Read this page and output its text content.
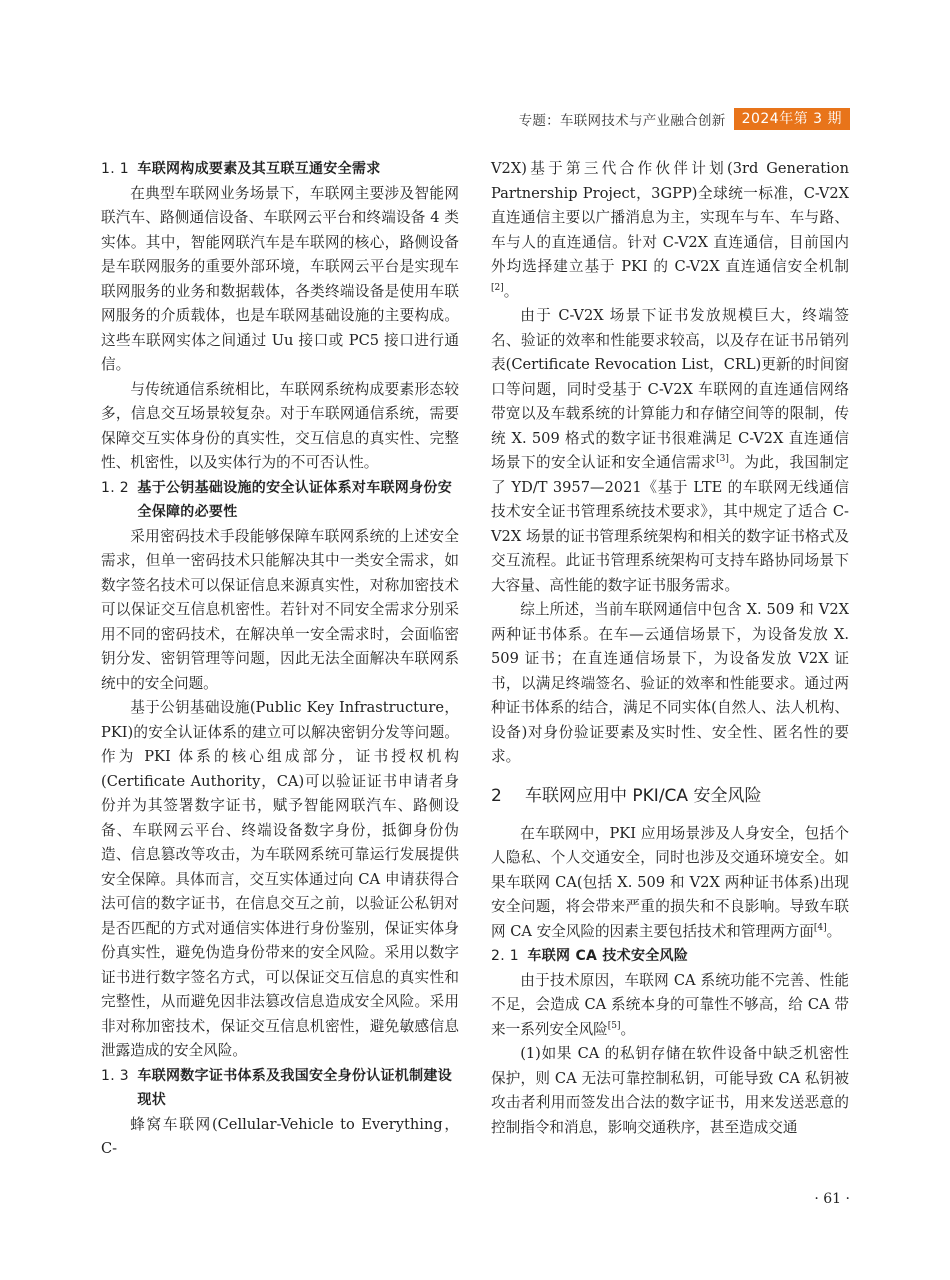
专题：车联网技术与产业融合创新	2024年第 3 期
1. 1 车联网构成要素及其互联互通安全需求

在典型车联网业务场景下，车联网主要涉及智能网联汽车、路侧通信设备、车联网云平台和终端设备 4 类实体。其中，智能网联汽车是车联网的核心，路侧设备是车联网服务的重要外部环境，车联网云平台是实现车联网服务的业务和数据载体，各类终端设备是使用车联网服务的介质载体，也是车联网基础设施的主要构成。这些车联网实体之间通过 Uu 接口或 PC5 接口进行通信。

与传统通信系统相比，车联网系统构成要素形态较多，信息交互场景较复杂。对于车联网通信系统，需要保障交互实体身份的真实性，交互信息的真实性、完整性、机密性，以及实体行为的不可否认性。

1. 2 基于公钥基础设施的安全认证体系对车联网身份安全保障的必要性

采用密码技术手段能够保障车联网系统的上述安全需求，但单一密码技术只能解决其中一类安全需求，如数字签名技术可以保证信息来源真实性，对称加密技术可以保证交互信息机密性。若针对不同安全需求分别采用不同的密码技术，在解决单一安全需求时，会面临密钥分发、密钥管理等问题，因此无法全面解决车联网系统中的安全问题。

基于公钥基础设施(Public Key Infrastructure，PKI)的安全认证体系的建立可以解决密钥分发等问题。作为 PKI 体系的核心组成部分，证书授权机构(Certificate Authority，CA)可以验证证书申请者身份并为其签署数字证书，赋予智能网联汽车、路侧设备、车联网云平台、终端设备数字身份，抵御身份伪造、信息篡改等攻击，为车联网系统可靠运行发展提供安全保障。具体而言，交互实体通过向 CA 申请获得合法可信的数字证书，在信息交互之前，以验证公私钥对是否匹配的方式对通信实体进行身份鉴别，保证实体身份真实性，避免伪造身份带来的安全风险。采用以数字证书进行数字签名方式，可以保证交互信息的真实性和完整性，从而避免因非法篡改信息造成安全风险。采用非对称加密技术，保证交互信息机密性，避免敏感信息泄露造成的安全风险。

1. 3 车联网数字证书体系及我国安全身份认证机制建设现状

蜂窝车联网(Cellular-Vehicle to Everything，C-

V2X)基于第三代合作伙伴计划(3rd Generation Partnership Project，3GPP)全球统一标准，C-V2X 直连通信主要以广播消息为主，实现车与车、车与路、车与人的直连通信。针对 C-V2X 直连通信，目前国内外均选择建立基于 PKI 的 C-V2X 直连通信安全机制[2]。

由于 C-V2X 场景下证书发放规模巨大，终端签名、验证的效率和性能要求较高，以及存在证书吊销列表(Certificate Revocation List，CRL)更新的时间窗口等问题，同时受基于 C-V2X 车联网的直连通信网络带宽以及车载系统的计算能力和存储空间等的限制，传统 X. 509 格式的数字证书很难满足 C-V2X 直连通信场景下的安全认证和安全通信需求[3]。为此，我国制定了 YD/T 3957—2021《基于 LTE 的车联网无线通信技术安全证书管理系统技术要求》，其中规定了适合 C-V2X 场景的证书管理系统架构和相关的数字证书格式及交互流程。此证书管理系统架构可支持车路协同场景下大容量、高性能的数字证书服务需求。

综上所述，当前车联网通信中包含 X. 509 和 V2X 两种证书体系。在车—云通信场景下，为设备发放 X. 509 证书；在直连通信场景下，为设备发放 V2X 证书，以满足终端签名、验证的效率和性能要求。通过两种证书体系的结合，满足不同实体(自然人、法人机构、设备)对身份验证要素及实时性、安全性、匿名性的要求。

2 车联网应用中 PKI/CA 安全风险

在车联网中，PKI 应用场景涉及人身安全，包括个人隐私、个人交通安全，同时也涉及交通环境安全。如果车联网 CA(包括 X. 509 和 V2X 两种证书体系)出现安全问题，将会带来严重的损失和不良影响。导致车联网 CA 安全风险的因素主要包括技术和管理两方面[4]。

2. 1 车联网 CA 技术安全风险

由于技术原因，车联网 CA 系统功能不完善、性能不足，会造成 CA 系统本身的可靠性不够高，给 CA 带来一系列安全风险[5]。

(1)如果 CA 的私钥存储在软件设备中缺乏机密性保护，则 CA 无法可靠控制私钥，可能导致 CA 私钥被攻击者利用而签发出合法的数字证书，用来发送恶意的控制指令和消息，影响交通秩序，甚至造成交通

· 61 ·
